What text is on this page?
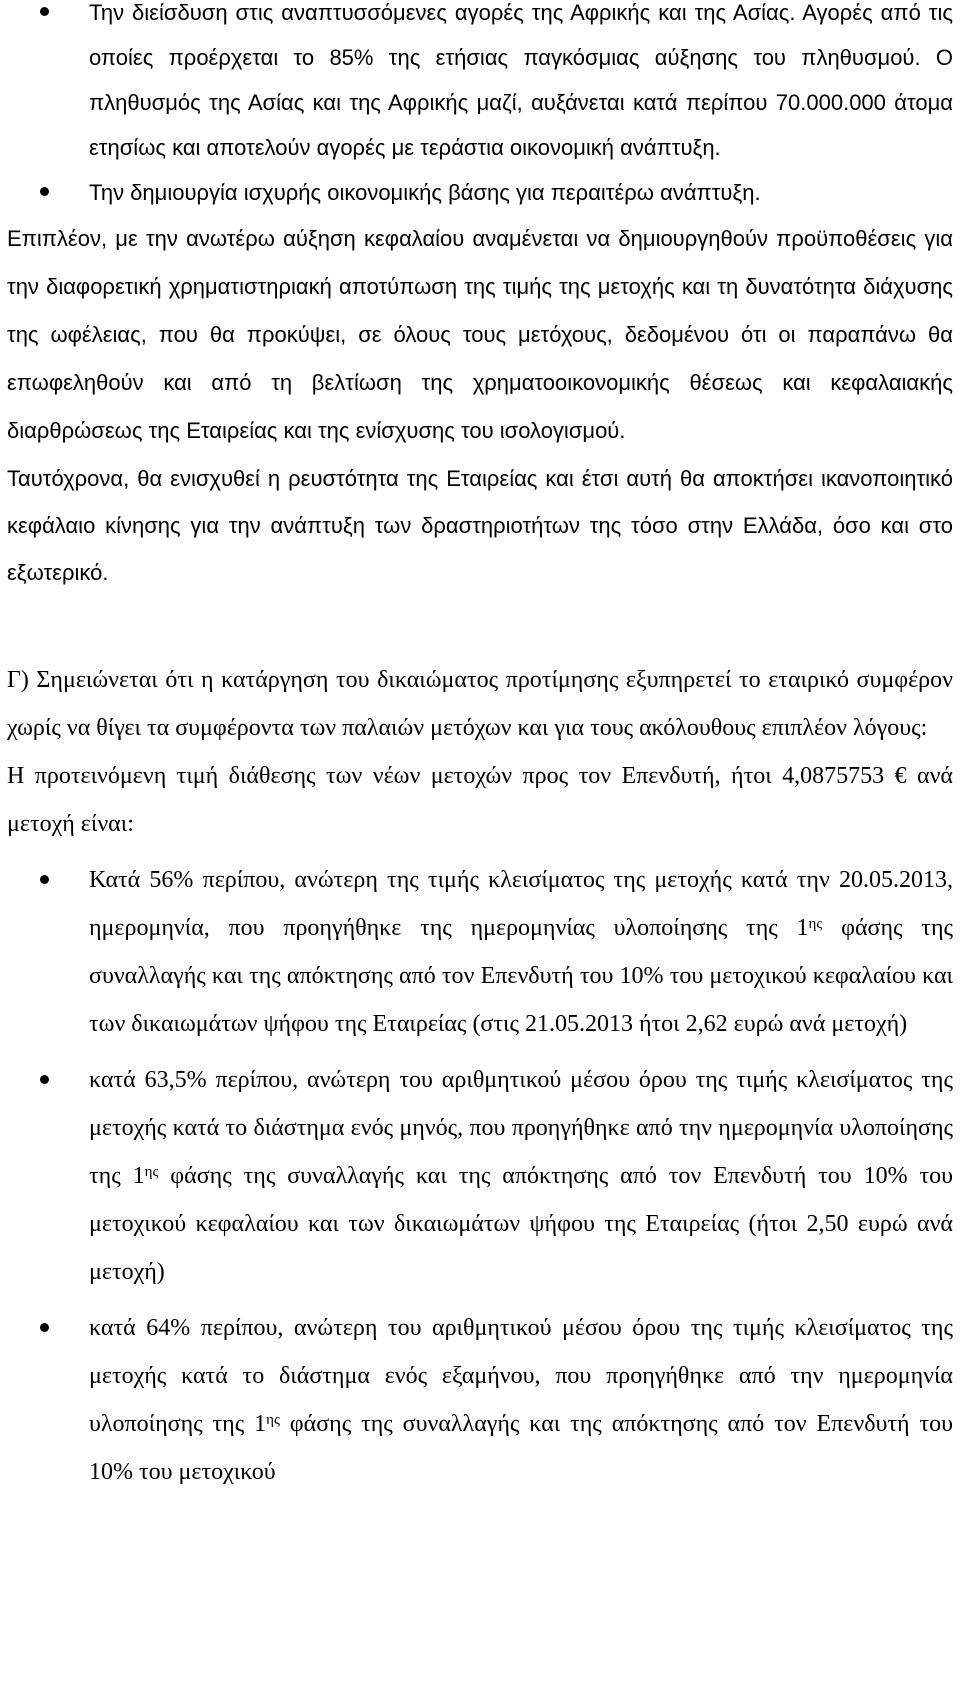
Την διείσδυση στις αναπτυσσόμενες αγορές της Αφρικής και της Ασίας. Αγορές από τις οποίες προέρχεται το 85% της ετήσιας παγκόσμιας αύξησης του πληθυσμού. Ο πληθυσμός της Ασίας και της Αφρικής μαζί, αυξάνεται κατά περίπου 70.000.000 άτομα ετησίως και αποτελούν αγορές με τεράστια οικονομική ανάπτυξη.
Την δημιουργία ισχυρής οικονομικής βάσης για περαιτέρω ανάπτυξη.

Επιπλέον, με την ανωτέρω αύξηση κεφαλαίου αναμένεται να δημιουργηθούν προϋποθέσεις για την διαφορετική χρηματιστηριακή αποτύπωση της τιμής της μετοχής και τη δυνατότητα διάχυσης της ωφέλειας, που θα προκύψει, σε όλους τους μετόχους, δεδομένου ότι οι παραπάνω θα επωφεληθούν και από τη βελτίωση της χρηματοοικονομικής θέσεως και κεφαλαιακής διαρθρώσεως της Εταιρείας και της ενίσχυσης του ισολογισμού.

Ταυτόχρονα, θα ενισχυθεί η ρευστότητα της Εταιρείας και έτσι αυτή θα αποκτήσει ικανοποιητικό κεφάλαιο κίνησης για την ανάπτυξη των δραστηριοτήτων της τόσο στην Ελλάδα, όσο και στο εξωτερικό.

Γ) Σημειώνεται ότι η κατάργηση του δικαιώματος προτίμησης εξυπηρετεί το εταιρικό συμφέρον χωρίς να θίγει τα συμφέροντα των παλαιών μετόχων και για τους ακόλουθους επιπλέον λόγους:

Η προτεινόμενη τιμή διάθεσης των νέων μετοχών προς τον Επενδυτή, ήτοι 4,0875753 € ανά μετοχή είναι:

Κατά 56% περίπου, ανώτερη της τιμής κλεισίματος της μετοχής κατά την 20.05.2013, ημερομηνία, που προηγήθηκε της ημερομηνίας υλοποίησης της $1^{\eta\varsigma}$ φάσης της συναλλαγής και της απόκτησης από τον Επενδυτή του 10% του μετοχικού κεφαλαίου και των δικαιωμάτων ψήφου της Εταιρείας (στις 21.05.2013 ήτοι 2,62 ευρώ ανά μετοχή)
κατά 63,5% περίπου, ανώτερη του αριθμητικού μέσου όρου της τιμής κλεισίματος της μετοχής κατά το διάστημα ενός μηνός, που προηγήθηκε από την ημερομηνία υλοποίησης της $1^{\eta\varsigma}$ φάσης της συναλλαγής και της απόκτησης από τον Επενδυτή του 10% του μετοχικού κεφαλαίου και των δικαιωμάτων ψήφου της Εταιρείας (ήτοι 2,50 ευρώ ανά μετοχή)
κατά 64% περίπου, ανώτερη του αριθμητικού μέσου όρου της τιμής κλεισίματος της μετοχής κατά το διάστημα ενός εξαμήνου, που προηγήθηκε από την ημερομηνία υλοποίησης της $1^{\eta\varsigma}$ φάσης της συναλλαγής και της απόκτησης από τον Επενδυτή του 10% του μετοχικού
